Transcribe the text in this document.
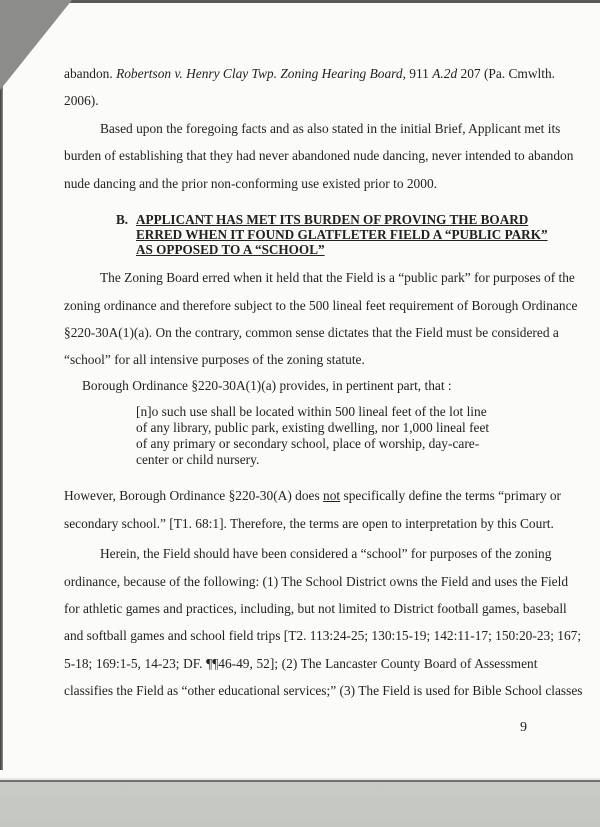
abandon. Robertson v. Henry Clay Twp. Zoning Hearing Board, 911 A.2d 207 (Pa. Cmwlth.
2006).
Based upon the foregoing facts and as also stated in the initial Brief, Applicant met its
burden of establishing that they had never abandoned nude dancing, never intended to abandon
nude dancing and the prior non-conforming use existed prior to 2000.
B. APPLICANT HAS MET ITS BURDEN OF PROVING THE BOARD
ERRED WHEN IT FOUND GLATFLETER FIELD A “PUBLIC PARK”
AS OPPOSED TO A “SCHOOL”
The Zoning Board erred when it held that the Field is a “public park” for purposes of the
zoning ordinance and therefore subject to the 500 lineal feet requirement of Borough Ordinance
§220-30A(1)(a). On the contrary, common sense dictates that the Field must be considered a
“school” for all intensive purposes of the zoning statute.
Borough Ordinance §220-30A(1)(a) provides, in pertinent part, that :
[n]o such use shall be located within 500 lineal feet of the lot line
of any library, public park, existing dwelling, nor 1,000 lineal feet
of any primary or secondary school, place of worship, day-care-
center or child nursery.
However, Borough Ordinance §220-30(A) does not specifically define the terms “primary or
secondary school.” [T1. 68:1]. Therefore, the terms are open to interpretation by this Court.
Herein, the Field should have been considered a “school” for purposes of the zoning
ordinance, because of the following: (1) The School District owns the Field and uses the Field
for athletic games and practices, including, but not limited to District football games, baseball
and softball games and school field trips [T2. 113:24-25; 130:15-19; 142:11-17; 150:20-23; 167;
5-18; 169:1-5, 14-23; DF. ¶¶46-49, 52]; (2) The Lancaster County Board of Assessment
classifies the Field as “other educational services;” (3) The Field is used for Bible School classes
9
